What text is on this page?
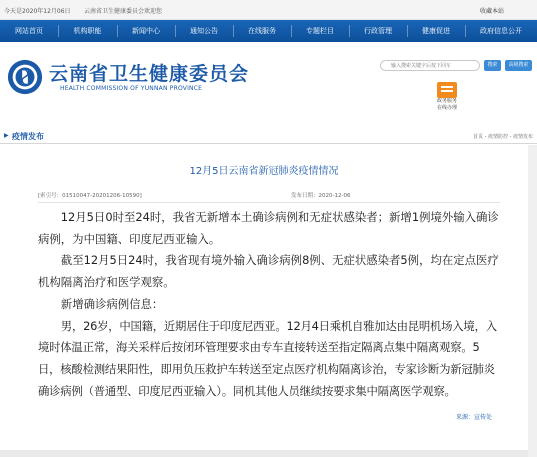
今天是2020年12月06日 云南省卫生健康委员会欢迎您	收藏本站
网站首页	机构职能	新闻中心	通知公告	在线服务	专题栏目	行政管理	健康促进	政府信息公开
云南省卫生健康委员会
HEALTH COMMISSION OF YUNNAN PROVINCE
输入搜索关键字后按下回车
搜索	高级搜索
政务服务
在线办理
▶ 疫情发布	首页 - 疫情防控 - 疫情发布
12月5日云南省新冠肺炎疫情情况
[索引号：01510047-20201206-10590]	发布日期：2020-12-06

12月5日0时至24时，我省无新增本土确诊病例和无症状感染者；新增1例境外输入确诊病例，为中国籍、印度尼西亚输入。

截至12月5日24时，我省现有境外输入确诊病例8例、无症状感染者5例，均在定点医疗机构隔离治疗和医学观察。

新增确诊病例信息：

男，26岁，中国籍，近期居住于印度尼西亚。12月4日乘机自雅加达由昆明机场入境，入境时体温正常，海关采样后按闭环管理要求由专车直接转送至指定隔离点集中隔离观察。5日，核酸检测结果阳性，即用负压救护车转送至定点医疗机构隔离诊治，专家诊断为新冠肺炎确诊病例（普通型、印度尼西亚输入）。同机其他人员继续按要求集中隔离医学观察。

来源：宣传处
